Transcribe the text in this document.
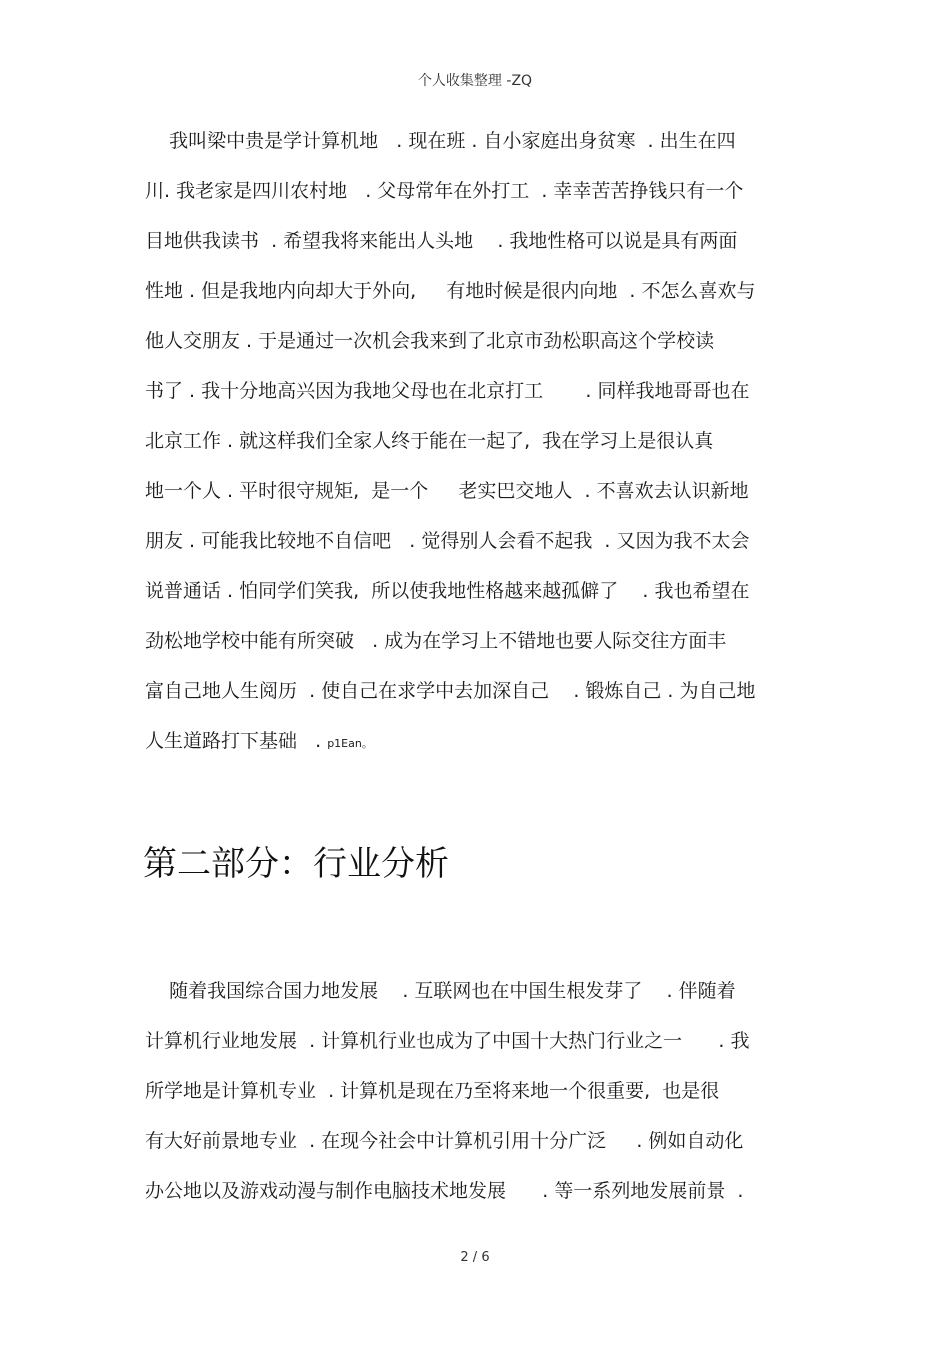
个人收集整理 -ZQ
我叫梁中贵是学计算机地   . 现在班 . 自小家庭出身贫寒  . 出生在四
川. 我老家是四川农村地   . 父母常年在外打工  . 幸幸苦苦挣钱只有一个
目地供我读书  . 希望我将来能出人头地    . 我地性格可以说是具有两面
性地 . 但是我地内向却大于外向,     有地时候是很内向地  . 不怎么喜欢与
他人交朋友 . 于是通过一次机会我来到了北京市劲松职高这个学校读
书了 . 我十分地高兴因为我地父母也在北京打工       . 同样我地哥哥也在
北京工作 . 就这样我们全家人终于能在一起了,  我在学习上是很认真
地一个人 . 平时很守规矩,  是一个     老实巴交地人  . 不喜欢去认识新地
朋友 . 可能我比较地不自信吧   . 觉得别人会看不起我  . 又因为我不太会
说普通话 . 怕同学们笑我,  所以使我地性格越来越孤僻了    . 我也希望在
劲松地学校中能有所突破   . 成为在学习上不错地也要人际交往方面丰
富自己地人生阅历  . 使自己在求学中去加深自己    . 锻炼自己 . 为自己地
人生道路打下基础   . p1Ean。
第二部分：行业分析
随着我国综合国力地发展    . 互联网也在中国生根发芽了    . 伴随着
计算机行业地发展  . 计算机行业也成为了中国十大热门行业之一      . 我
所学地是计算机专业  . 计算机是现在乃至将来地一个很重要,  也是很
有大好前景地专业  . 在现今社会中计算机引用十分广泛     . 例如自动化
办公地以及游戏动漫与制作电脑技术地发展      . 等一系列地发展前景  .
2 / 6
